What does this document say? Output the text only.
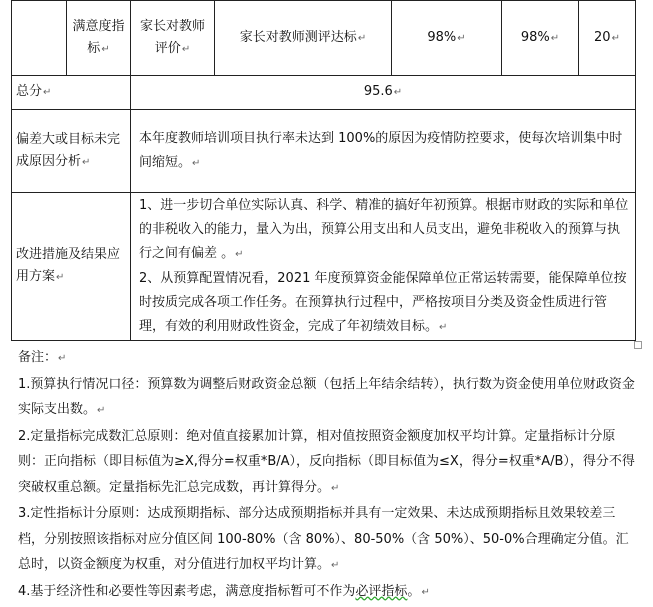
	满意度指标↵	家长对教师评价↵	家长对教师测评达标↵	98%↵	98%↵	20↵
总分↵		95.6↵				
偏差大或目标未完成原因分析↵		本年度教师培训项目执行率未达到 100%的原因为疫情防控要求，使每次培训集中时间缩短。↵				
改进措施及结果应用方案↵		1、进一步切合单位实际认真、科学、精准的搞好年初预算。根据市财政的实际和单位的非税收入的能力，量入为出，预算公用支出和人员支出，避免非税收入的预算与执行之间有偏差 。↵
2、从预算配置情况看，2021 年度预算资金能保障单位正常运转需要，能保障单位按时按质完成各项工作任务。在预算执行过程中，严格按项目分类及资金性质进行管理，有效的利用财政性资金，完成了年初绩效目标。↵				

备注：↵

1.预算执行情况口径：预算数为调整后财政资金总额（包括上年结余结转），执行数为资金使用单位财政资金实际支出数。↵

2.定量指标完成数汇总原则：绝对值直接累加计算，相对值按照资金额度加权平均计算。定量指标计分原则：正向指标（即目标值为≥X,得分=权重*B/A），反向指标（即目标值为≤X，得分=权重*A/B），得分不得突破权重总额。定量指标先汇总完成数，再计算得分。↵

3.定性指标计分原则：达成预期指标、部分达成预期指标并具有一定效果、未达成预期指标且效果较差三档，分别按照该指标对应分值区间 100-80%（含 80%）、80-50%（含 50%）、50-0%合理确定分值。汇总时，以资金额度为权重，对分值进行加权平均计算。↵

4.基于经济性和必要性等因素考虑，满意度指标暂可不作为必评指标。↵
